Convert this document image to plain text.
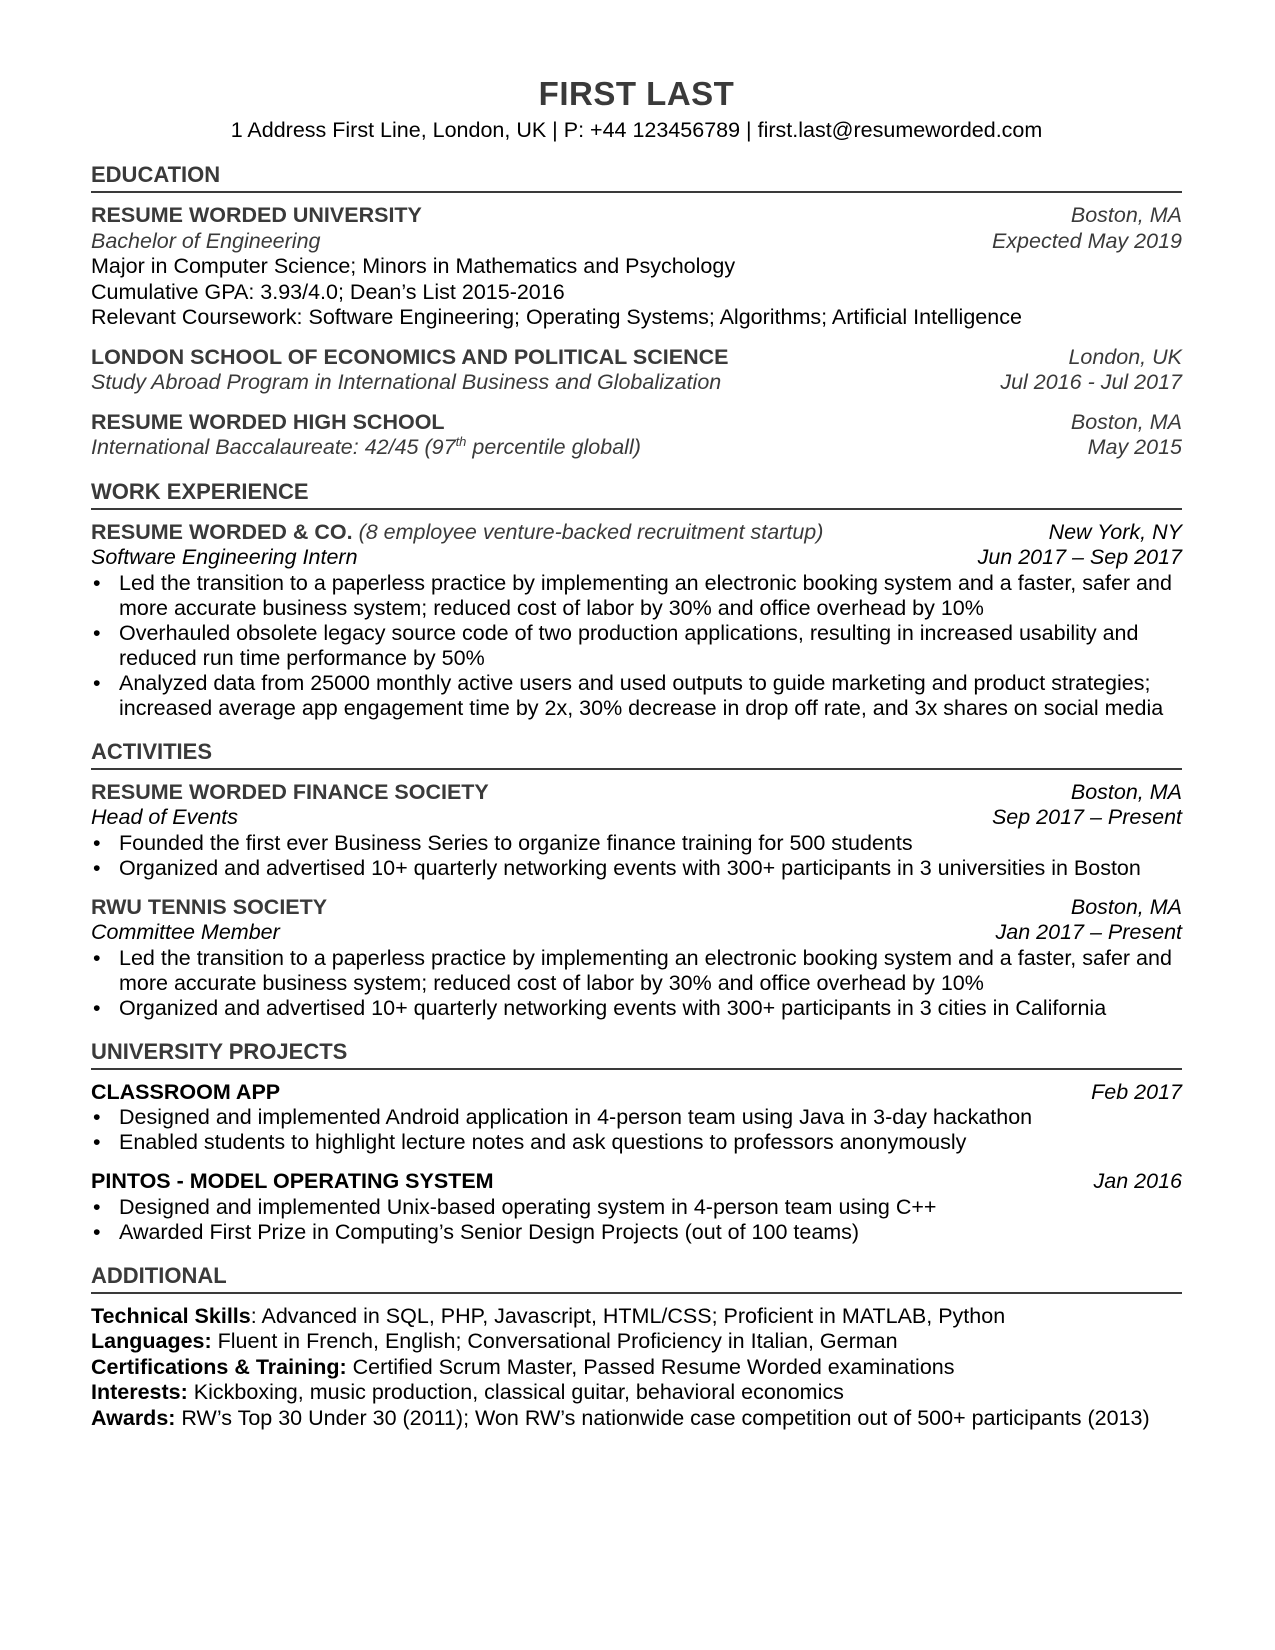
FIRST LAST
1 Address First Line, London, UK | P: +44 123456789 | first.last@resumeworded.com
EDUCATION
RESUME WORDED UNIVERSITY	Boston, MA
Bachelor of Engineering	Expected May 2019
Major in Computer Science; Minors in Mathematics and Psychology
Cumulative GPA: 3.93/4.0; Dean’s List 2015-2016
Relevant Coursework: Software Engineering; Operating Systems; Algorithms; Artificial Intelligence
LONDON SCHOOL OF ECONOMICS AND POLITICAL SCIENCE	London, UK
Study Abroad Program in International Business and Globalization	Jul 2016 - Jul 2017
RESUME WORDED HIGH SCHOOL	Boston, MA
International Baccalaureate: 42/45 (97th percentile globall)	May 2015
WORK EXPERIENCE
RESUME WORDED & CO. (8 employee venture-backed recruitment startup)	New York, NY
Software Engineering Intern	Jun 2017 – Sep 2017
• Led the transition to a paperless practice by implementing an electronic booking system and a faster, safer and more accurate business system; reduced cost of labor by 30% and office overhead by 10%
• Overhauled obsolete legacy source code of two production applications, resulting in increased usability and reduced run time performance by 50%
• Analyzed data from 25000 monthly active users and used outputs to guide marketing and product strategies; increased average app engagement time by 2x, 30% decrease in drop off rate, and 3x shares on social media
ACTIVITIES
RESUME WORDED FINANCE SOCIETY	Boston, MA
Head of Events	Sep 2017 – Present
• Founded the first ever Business Series to organize finance training for 500 students
• Organized and advertised 10+ quarterly networking events with 300+ participants in 3 universities in Boston
RWU TENNIS SOCIETY	Boston, MA
Committee Member	Jan 2017 – Present
• Led the transition to a paperless practice by implementing an electronic booking system and a faster, safer and more accurate business system; reduced cost of labor by 30% and office overhead by 10%
• Organized and advertised 10+ quarterly networking events with 300+ participants in 3 cities in California
UNIVERSITY PROJECTS
CLASSROOM APP	Feb 2017
• Designed and implemented Android application in 4-person team using Java in 3-day hackathon
• Enabled students to highlight lecture notes and ask questions to professors anonymously
PINTOS - MODEL OPERATING SYSTEM	Jan 2016
• Designed and implemented Unix-based operating system in 4-person team using C++
• Awarded First Prize in Computing’s Senior Design Projects (out of 100 teams)
ADDITIONAL
Technical Skills: Advanced in SQL, PHP, Javascript, HTML/CSS; Proficient in MATLAB, Python
Languages: Fluent in French, English; Conversational Proficiency in Italian, German
Certifications & Training: Certified Scrum Master, Passed Resume Worded examinations
Interests: Kickboxing, music production, classical guitar, behavioral economics
Awards: RW’s Top 30 Under 30 (2011); Won RW’s nationwide case competition out of 500+ participants (2013)
